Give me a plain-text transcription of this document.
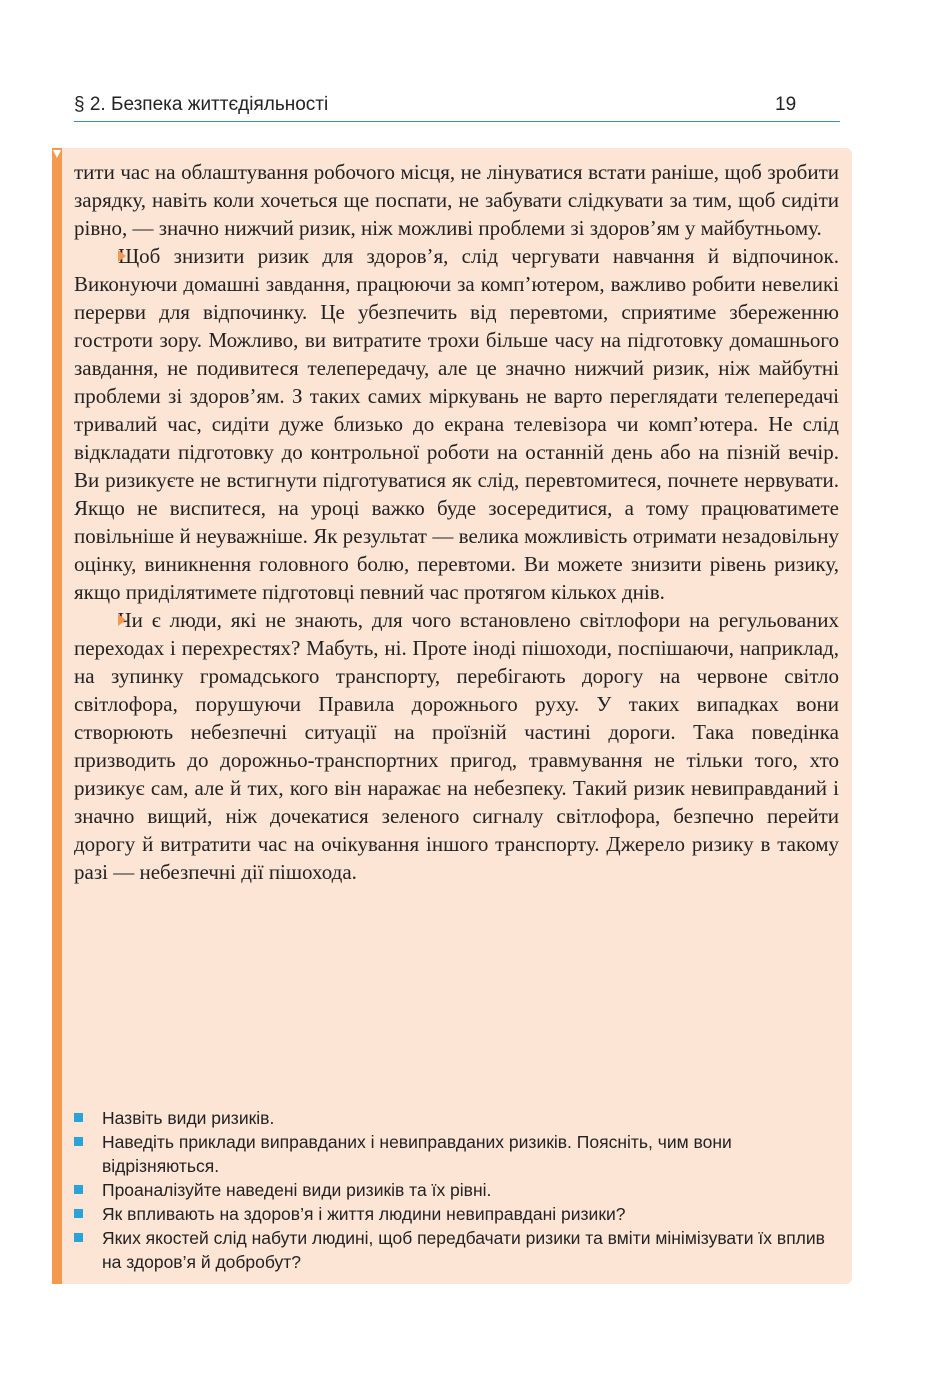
§ 2. Безпека життєдіяльності	19

тити час на облаштування робочого місця, не лінуватися встати раніше, щоб зробити зарядку, навіть коли хочеться ще поспати, не забувати слідкувати за тим, щоб сидіти рівно, — значно нижчий ризик, ніж можливі проблеми зі здоров’ям у майбутньому.

Щоб знизити ризик для здоров’я, слід чергувати навчання й відпочинок. Виконуючи домашні завдання, працюючи за комп’ютером, важливо робити невеликі перерви для відпочинку. Це убезпечить від перевтоми, сприятиме збереженню гостроти зору. Можливо, ви витратите трохи більше часу на підготовку домашнього завдання, не подивитеся телепередачу, але це значно нижчий ризик, ніж майбутні проблеми зі здоров’ям. З таких самих міркувань не варто переглядати телепередачі тривалий час, сидіти дуже близько до екрана телевізора чи комп’ютера. Не слід відкладати підготовку до контрольної роботи на останній день або на пізній вечір. Ви ризикуєте не встигнути підготуватися як слід, перевтомитеся, почнете нервувати. Якщо не виспитеся, на уроці важко буде зосередитися, а тому працюватимете повільніше й неуважніше. Як результат — велика можливість отримати незадовільну оцінку, виникнення головного болю, перевтоми. Ви можете знизити рівень ризику, якщо приділятимете підготовці певний час протягом кількох днів.

Чи є люди, які не знають, для чого встановлено світлофори на регульованих переходах і перехрестях? Мабуть, ні. Проте іноді пішоходи, поспішаючи, наприклад, на зупинку громадського транспорту, перебігають дорогу на червоне світло світлофора, порушуючи Правила дорожнього руху. У таких випадках вони створюють небезпечні ситуації на проїзній частині дороги. Така поведінка призводить до дорожньо-транспортних пригод, травмування не тільки того, хто ризикує сам, але й тих, кого він наражає на небезпеку. Такий ризик невиправданий і значно вищий, ніж дочекатися зеленого сигналу світлофора, безпечно перейти дорогу й витратити час на очікування іншого транспорту. Джерело ризику в такому разі — небезпечні дії пішохода.

Назвіть види ризиків.
Наведіть приклади виправданих і невиправданих ризиків. Поясніть, чим вони відрізняються.
Проаналізуйте наведені види ризиків та їх рівні.
Як впливають на здоров’я і життя людини невиправдані ризики?
Яких якостей слід набути людині, щоб передбачати ризики та вміти мінімізувати їх вплив на здоров’я й добробут?
